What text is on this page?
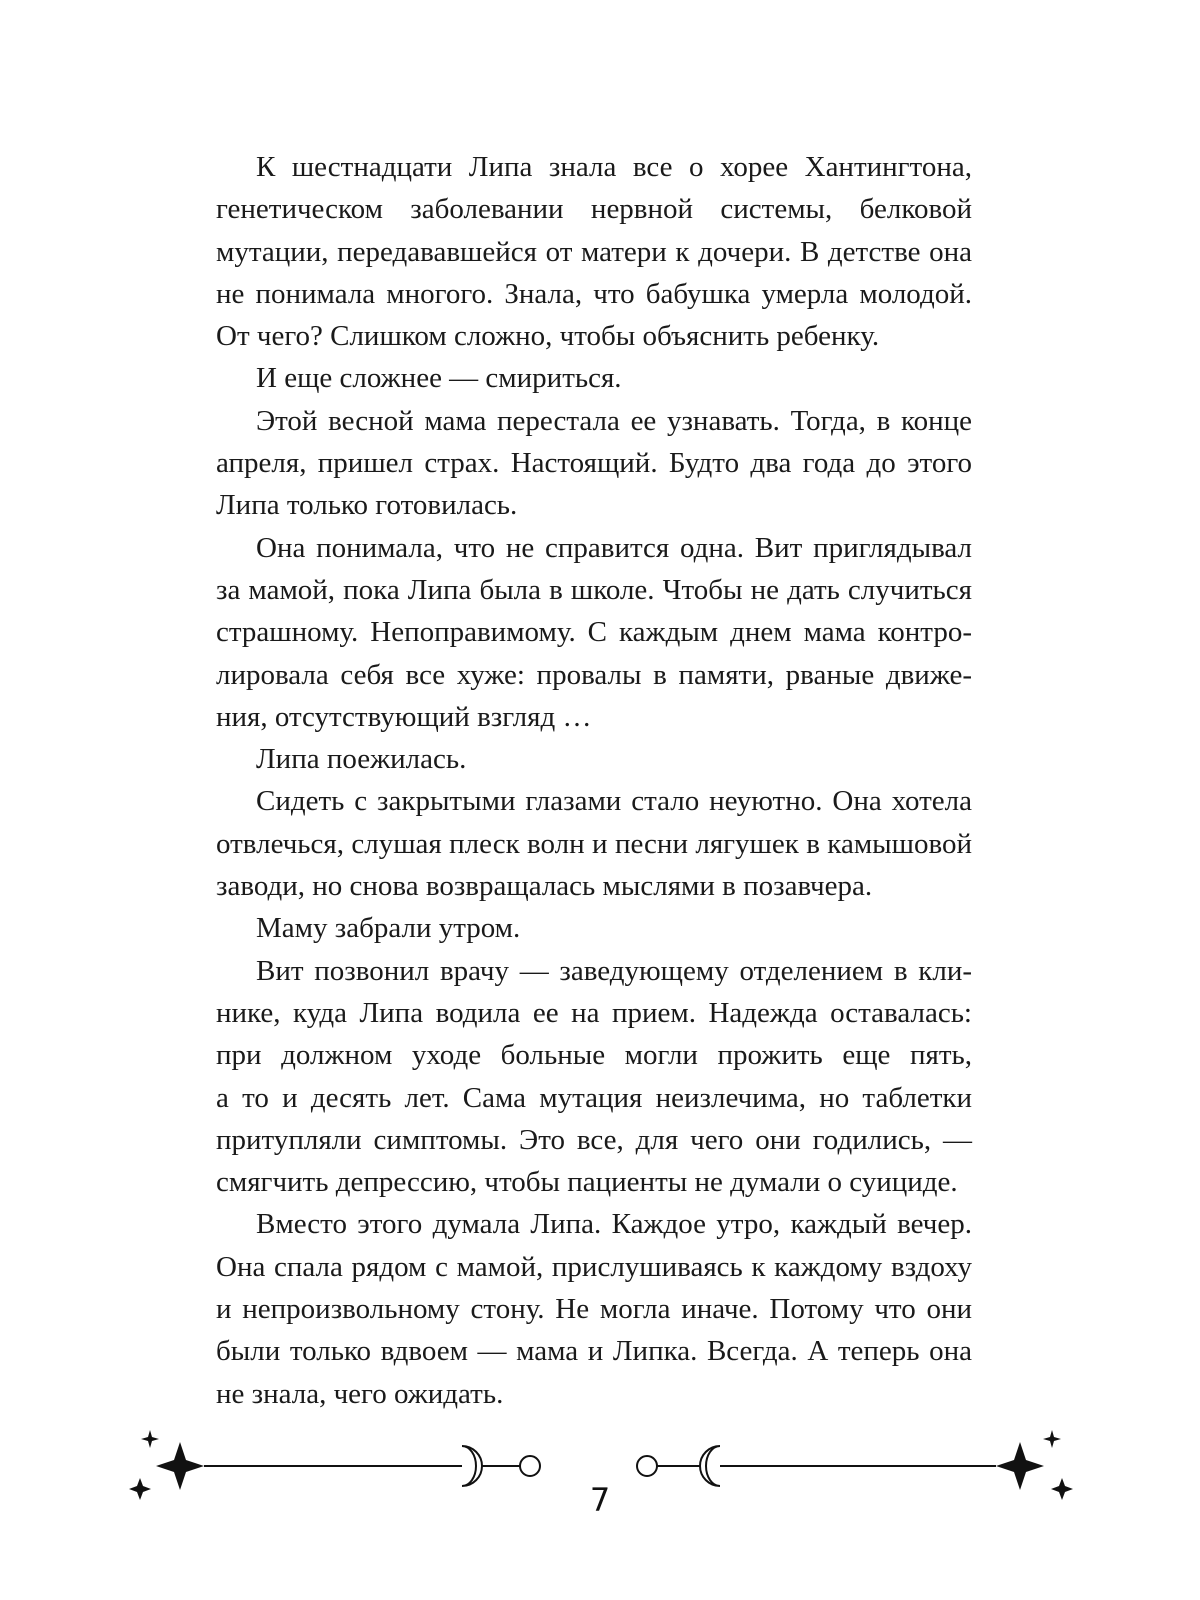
К шестнадцати Липа знала все о хорее Хантингтона,
генетическом заболевании нервной системы, белковой
мутации, передававшейся от матери к дочери. В детстве она
не понимала многого. Знала, что бабушка умерла молодой.
От чего? Слишком сложно, чтобы объяснить ребенку.
И еще сложнее — смириться.
Этой весной мама перестала ее узнавать. Тогда, в конце
апреля, пришел страх. Настоящий. Будто два года до этого
Липа только готовилась.
Она понимала, что не справится одна. Вит приглядывал
за мамой, пока Липа была в школе. Чтобы не дать случиться
страшному. Непоправимому. С каждым днем мама контро-
лировала себя все хуже: провалы в памяти, рваные движе-
ния, отсутствующий взгляд …
Липа поежилась.
Сидеть с закрытыми глазами стало неуютно. Она хотела
отвлечься, слушая плеск волн и песни лягушек в камышовой
заводи, но снова возвращалась мыслями в позавчера.
Маму забрали утром.
Вит позвонил врачу — заведующему отделением в кли-
нике, куда Липа водила ее на прием. Надежда оставалась:
при должном уходе больные могли прожить еще пять,
а то и десять лет. Сама мутация неизлечима, но таблетки
притупляли симптомы. Это все, для чего они годились, —
смягчить депрессию, чтобы пациенты не думали о суициде.
Вместо этого думала Липа. Каждое утро, каждый вечер.
Она спала рядом с мамой, прислушиваясь к каждому вздоху
и непроизвольному стону. Не могла иначе. Потому что они
были только вдвоем — мама и Липка. Всегда. А теперь она
не знала, чего ожидать.
7
